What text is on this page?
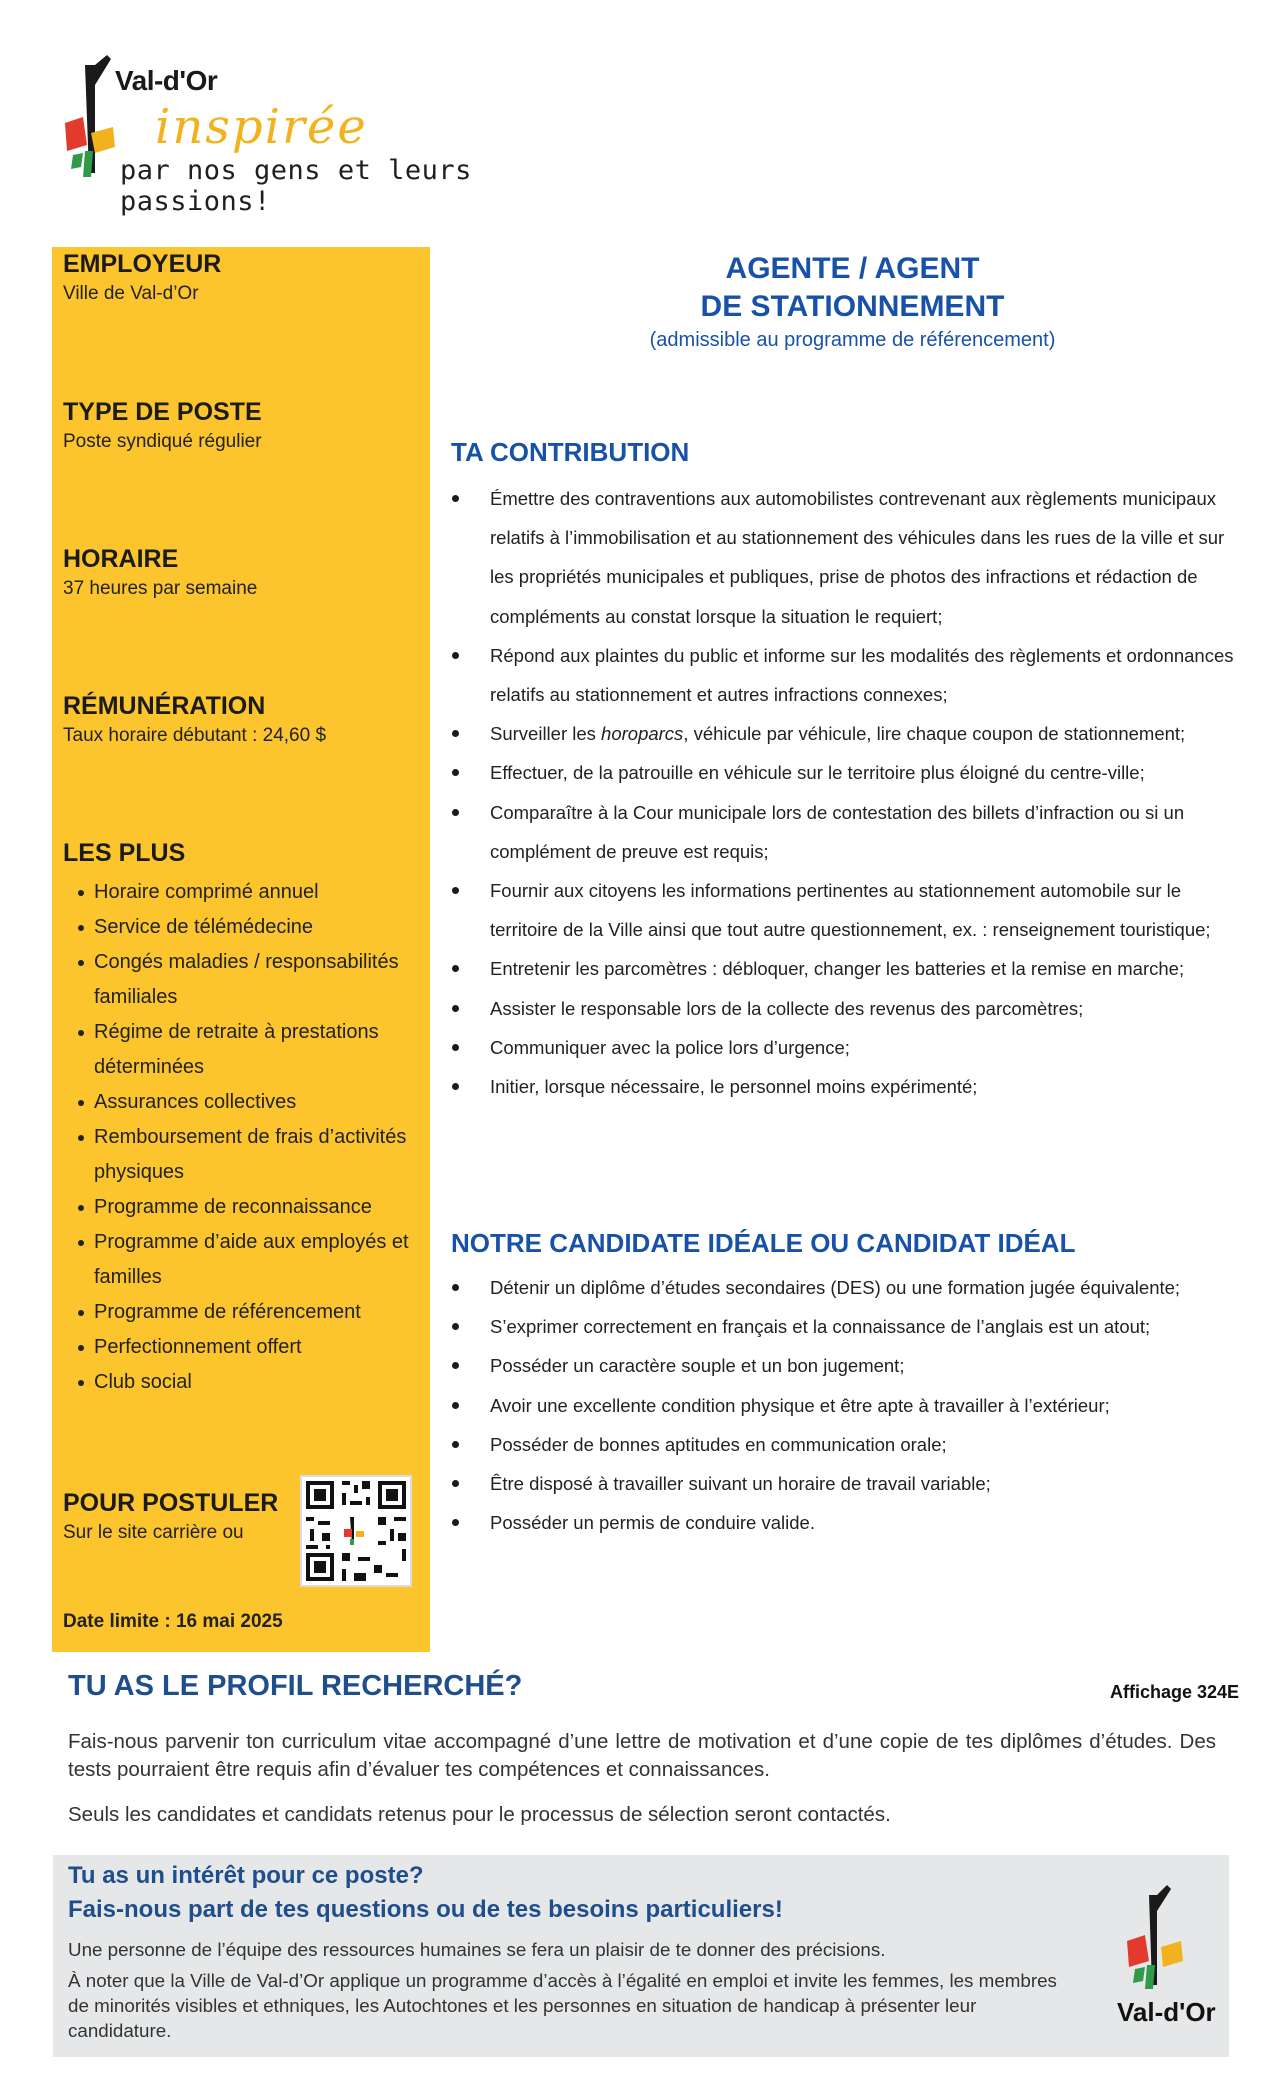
Val-d'Or
inspirée
par nos gens et leurs passions!

EMPLOYEUR

Ville de Val-d’Or

TYPE DE POSTE

Poste syndiqué régulier

HORAIRE

37 heures par semaine

RÉMUNÉRATION

Taux horaire débutant : 24,60 $

LES PLUS

Horaire comprimé annuel
Service de télémédecine
Congés maladies / responsabilités familiales
Régime de retraite à prestations déterminées
Assurances collectives
Remboursement de frais d’activités physiques
Programme de reconnaissance
Programme d’aide aux employés et familles
Programme de référencement
Perfectionnement offert
Club social

POUR POSTULER

Sur le site carrière ou

Date limite : 16 mai 2025

AGENTE / AGENT
DE STATIONNEMENT
(admissible au programme de référencement)

TA CONTRIBUTION

Émettre des contraventions aux automobilistes contrevenant aux règlements municipaux relatifs à l’immobilisation et au stationnement des véhicules dans les rues de la ville et sur les propriétés municipales et publiques, prise de photos des infractions et rédaction de compléments au constat lorsque la situation le requiert;
Répond aux plaintes du public et informe sur les modalités des règlements et ordonnances relatifs au stationnement et autres infractions connexes;
Surveiller les horoparcs, véhicule par véhicule, lire chaque coupon de stationnement;
Effectuer, de la patrouille en véhicule sur le territoire plus éloigné du centre-ville;
Comparaître à la Cour municipale lors de contestation des billets d’infraction ou si un complément de preuve est requis;
Fournir aux citoyens les informations pertinentes au stationnement automobile sur le territoire de la Ville ainsi que tout autre questionnement, ex. : renseignement touristique;
Entretenir les parcomètres : débloquer, changer les batteries et la remise en marche;
Assister le responsable lors de la collecte des revenus des parcomètres;
Communiquer avec la police lors d’urgence;
Initier, lorsque nécessaire, le personnel moins expérimenté;

NOTRE CANDIDATE IDÉALE OU CANDIDAT IDÉAL

Détenir un diplôme d’études secondaires (DES) ou une formation jugée équivalente;
S’exprimer correctement en français et la connaissance de l’anglais est un atout;
Posséder un caractère souple et un bon jugement;
Avoir une excellente condition physique et être apte à travailler à l’extérieur;
Posséder de bonnes aptitudes en communication orale;
Être disposé à travailler suivant un horaire de travail variable;
Posséder un permis de conduire valide.

TU AS LE PROFIL RECHERCHÉ?	Affichage 324E

Fais-nous parvenir ton curriculum vitae accompagné d’une lettre de motivation et d’une copie de tes diplômes d’études. Des tests pourraient être requis afin d’évaluer tes compétences et connaissances.

Seuls les candidates et candidats retenus pour le processus de sélection seront contactés.

Tu as un intérêt pour ce poste?

Fais-nous part de tes questions ou de tes besoins particuliers!

Une personne de l’équipe des ressources humaines se fera un plaisir de te donner des précisions.

À noter que la Ville de Val-d’Or applique un programme d’accès à l’égalité en emploi et invite les femmes, les membres de minorités visibles et ethniques, les Autochtones et les personnes en situation de handicap à présenter leur candidature.

Val-d'Or
